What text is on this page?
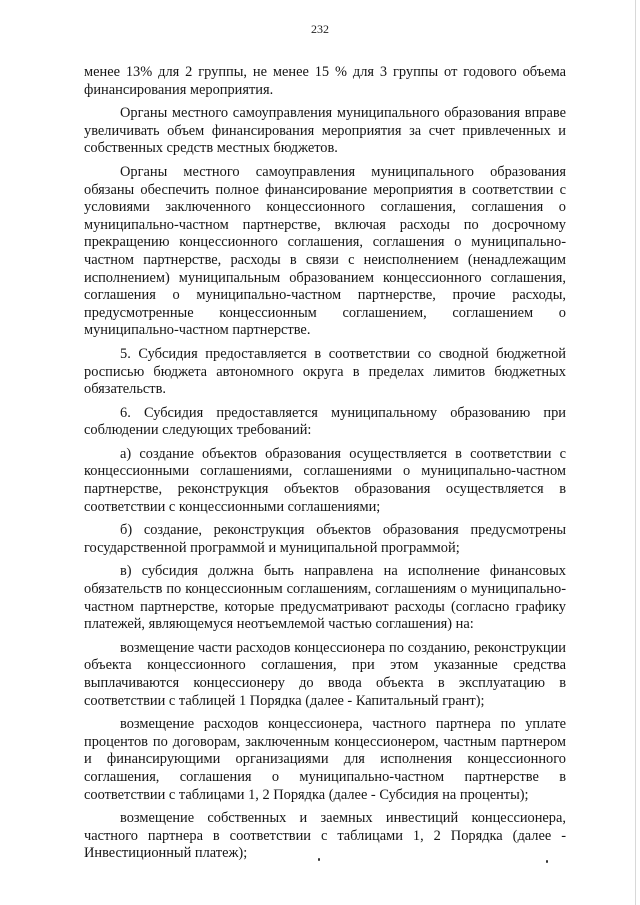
232

менее 13% для 2 группы, не менее 15 % для 3 группы от годового объема финансирования мероприятия.

Органы местного самоуправления муниципального образования вправе увеличивать объем финансирования мероприятия за счет привлеченных и собственных средств местных бюджетов.

Органы местного самоуправления муниципального образования обязаны обеспечить полное финансирование мероприятия в соответствии с условиями заключенного концессионного соглашения, соглашения о муниципально-частном партнерстве, включая расходы по досрочному прекращению концессионного соглашения, соглашения о муниципально-частном партнерстве, расходы в связи с неисполнением (ненадлежащим исполнением) муниципальным образованием концессионного соглашения, соглашения о муниципально-частном партнерстве, прочие расходы, предусмотренные концессионным соглашением, соглашением о муниципально-частном партнерстве.

5. Субсидия предоставляется в соответствии со сводной бюджетной росписью бюджета автономного округа в пределах лимитов бюджетных обязательств.

6. Субсидия предоставляется муниципальному образованию при соблюдении следующих требований:

а) создание объектов образования осуществляется в соответствии с концессионными соглашениями, соглашениями о муниципально-частном партнерстве, реконструкция объектов образования осуществляется в соответствии с концессионными соглашениями;

б) создание, реконструкция объектов образования предусмотрены государственной программой и муниципальной программой;

в) субсидия должна быть направлена на исполнение финансовых обязательств по концессионным соглашениям, соглашениям о муниципально-частном партнерстве, которые предусматривают расходы (согласно графику платежей, являющемуся неотъемлемой частью соглашения) на:

возмещение части расходов концессионера по созданию, реконструкции объекта концессионного соглашения, при этом указанные средства выплачиваются концессионеру до ввода объекта в эксплуатацию в соответствии с таблицей 1 Порядка (далее - Капитальный грант);

возмещение расходов концессионера, частного партнера по уплате процентов по договорам, заключенным концессионером, частным партнером и финансирующими организациями для исполнения концессионного соглашения, соглашения о муниципально-частном партнерстве в соответствии с таблицами 1, 2 Порядка (далее - Субсидия на проценты);

возмещение собственных и заемных инвестиций концессионера, частного партнера в соответствии с таблицами 1, 2 Порядка (далее - Инвестиционный платеж);
